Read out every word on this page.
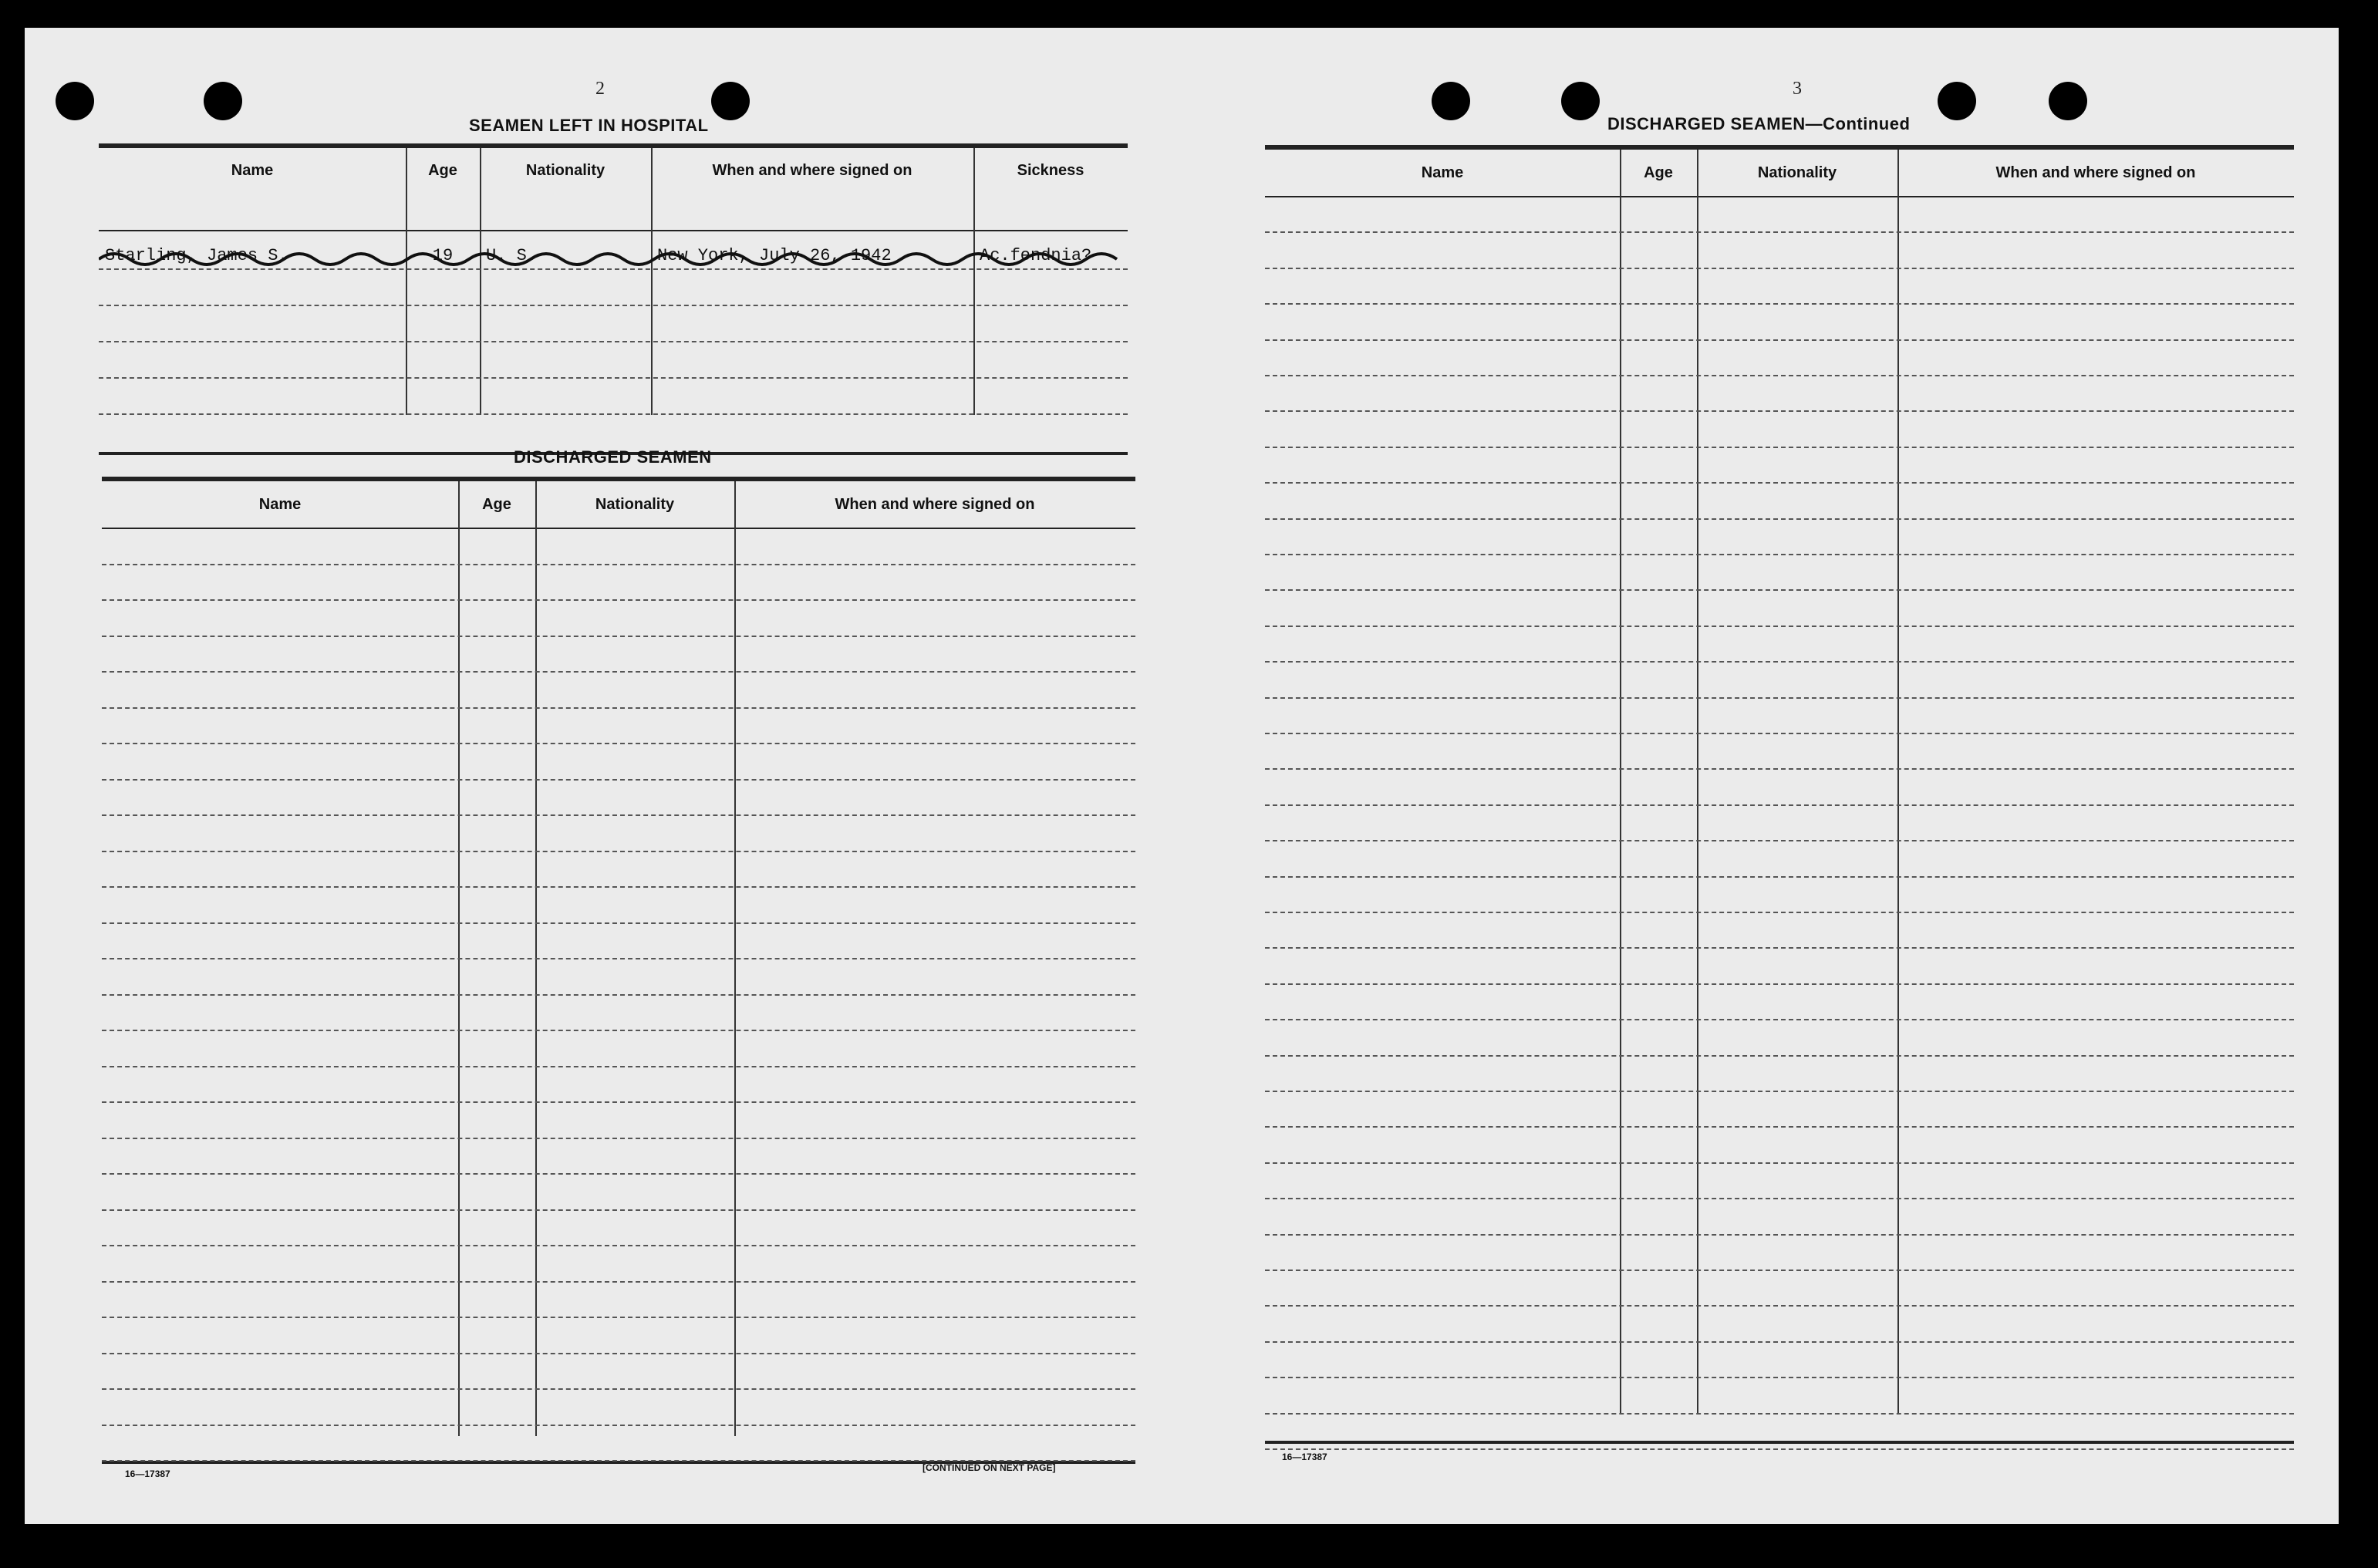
2
SEAMEN LEFT IN HOSPITAL
Name	Age	Nationality	When and where signed on	Sickness
Starling, James S.	19	U. S.	New York, July 26, 1942	Ac.fendnia?
DISCHARGED SEAMEN
Name	Age	Nationality	When and where signed on
16—17387
[CONTINUED ON NEXT PAGE]
3
DISCHARGED SEAMEN—Continued
Name	Age	Nationality	When and where signed on
16—17387
